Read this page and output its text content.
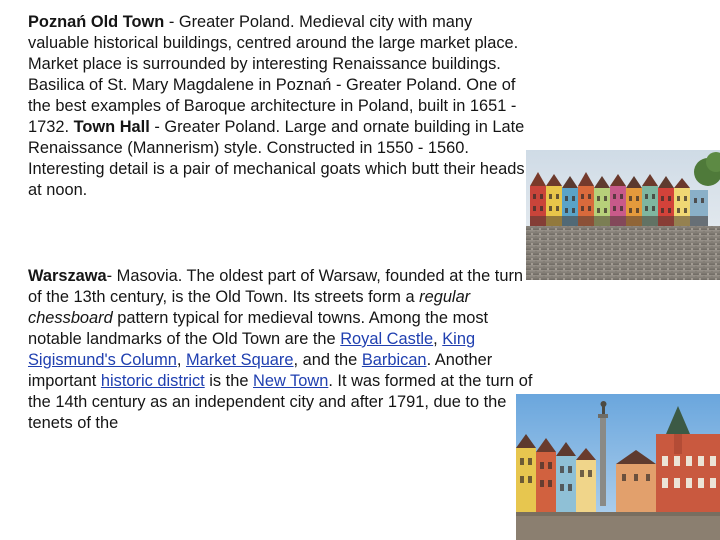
Poznań Old Town - Greater Poland. Medieval city with many valuable historical buildings, centred around the large market place. Market place is surrounded by interesting Renaissance buildings. Basilica of St. Mary Magdalene in Poznań - Greater Poland. One of the best examples of Baroque architecture in Poland, built in 1651 - 1732. Town Hall - Greater Poland. Large and ornate building in Late Renaissance (Mannerism) style. Constructed in 1550 - 1560. Interesting detail is a pair of mechanical goats which butt their heads at noon.

Warszawa- Masovia. The oldest part of Warsaw, founded at the turn of the 13th century, is the Old Town. Its streets form a regular chessboard pattern typical for medieval towns. Among the most notable landmarks of the Old Town are the Royal Castle, King Sigismund's Column, Market Square, and the Barbican. Another important historic district is the New Town. It was formed at the turn of the 14th century as an independent city and after 1791, due to the tenets of the
